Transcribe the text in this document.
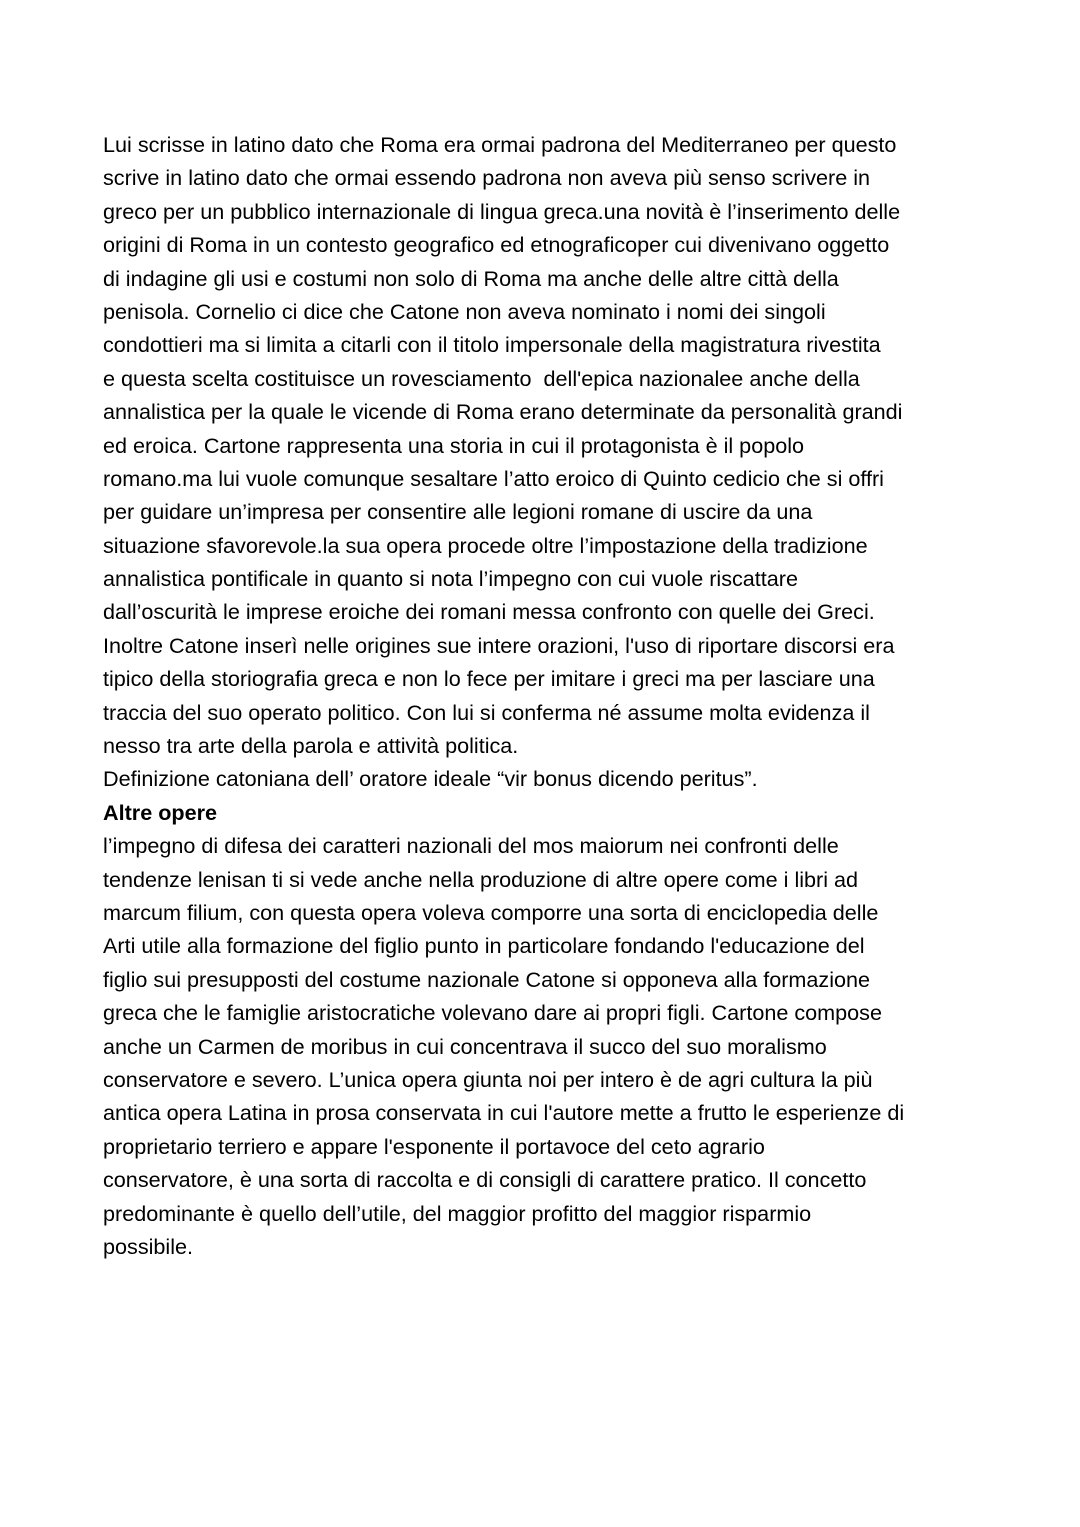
Lui scrisse in latino dato che Roma era ormai padrona del Mediterraneo per questo
scrive in latino dato che ormai essendo padrona non aveva più senso scrivere in
greco per un pubblico internazionale di lingua greca.una novità è l’inserimento delle
origini di Roma in un contesto geografico ed etnograficoper cui divenivano oggetto
di indagine gli usi e costumi non solo di Roma ma anche delle altre città della
penisola. Cornelio ci dice che Catone non aveva nominato i nomi dei singoli
condottieri ma si limita a citarli con il titolo impersonale della magistratura rivestita
e questa scelta costituisce un rovesciamento  dell'epica nazionalee anche della
annalistica per la quale le vicende di Roma erano determinate da personalità grandi
ed eroica. Cartone rappresenta una storia in cui il protagonista è il popolo
romano.ma lui vuole comunque sesaltare l’atto eroico di Quinto cedicio che si offri
per guidare un’impresa per consentire alle legioni romane di uscire da una
situazione sfavorevole.la sua opera procede oltre l’impostazione della tradizione
annalistica pontificale in quanto si nota l’impegno con cui vuole riscattare
dall’oscurità le imprese eroiche dei romani messa confronto con quelle dei Greci.
Inoltre Catone inserì nelle origines sue intere orazioni, l'uso di riportare discorsi era
tipico della storiografia greca e non lo fece per imitare i greci ma per lasciare una
traccia del suo operato politico. Con lui si conferma né assume molta evidenza il
nesso tra arte della parola e attività politica.
Definizione catoniana dell’ oratore ideale “vir bonus dicendo peritus”.
Altre opere
l’impegno di difesa dei caratteri nazionali del mos maiorum nei confronti delle
tendenze lenisan ti si vede anche nella produzione di altre opere come i libri ad
marcum filium, con questa opera voleva comporre una sorta di enciclopedia delle
Arti utile alla formazione del figlio punto in particolare fondando l'educazione del
figlio sui presupposti del costume nazionale Catone si opponeva alla formazione
greca che le famiglie aristocratiche volevano dare ai propri figli. Cartone compose
anche un Carmen de moribus in cui concentrava il succo del suo moralismo
conservatore e severo. L’unica opera giunta noi per intero è de agri cultura la più
antica opera Latina in prosa conservata in cui l'autore mette a frutto le esperienze di
proprietario terriero e appare l'esponente il portavoce del ceto agrario
conservatore, è una sorta di raccolta e di consigli di carattere pratico. Il concetto
predominante è quello dell’utile, del maggior profitto del maggior risparmio
possibile.
